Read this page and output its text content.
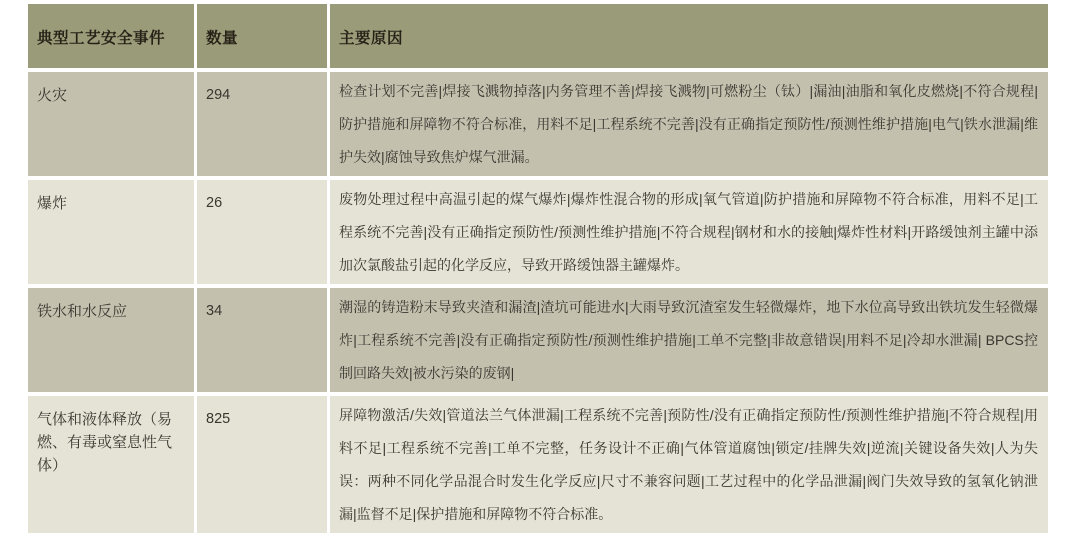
典型工艺安全事件	数量	主要原因
火灾	294	检查计划不完善|焊接飞溅物掉落|内务管理不善|焊接飞溅物|可燃粉尘（钛）|漏油|油脂和氧化皮燃烧|不符合规程|防护措施和屏障物不符合标准，用料不足|工程系统不完善|没有正确指定预防性/预测性维护措施|电气|铁水泄漏|维护失效|腐蚀导致焦炉煤气泄漏。
爆炸	26	废物处理过程中高温引起的煤气爆炸|爆炸性混合物的形成|氧气管道|防护措施和屏障物不符合标准，用料不足|工程系统不完善|没有正确指定预防性/预测性维护措施|不符合规程|钢材和水的接触|爆炸性材料|开路缓蚀剂主罐中添加次氯酸盐引起的化学反应，导致开路缓蚀器主罐爆炸。
铁水和水反应	34	潮湿的铸造粉末导致夹渣和漏渣|渣坑可能进水|大雨导致沉渣室发生轻微爆炸，地下水位高导致出铁坑发生轻微爆炸|工程系统不完善|没有正确指定预防性/预测性维护措施|工单不完整|非故意错误|用料不足|冷却水泄漏| BPCS控制回路失效|被水污染的废钢|
气体和液体释放（易燃、有毒或窒息性气体）	825	屏障物激活/失效|管道法兰气体泄漏|工程系统不完善|预防性/没有正确指定预防性/预测性维护措施|不符合规程|用料不足|工程系统不完善|工单不完整，任务设计不正确|气体管道腐蚀|锁定/挂牌失效|逆流|关键设备失效|人为失误：两种不同化学品混合时发生化学反应|尺寸不兼容问题|工艺过程中的化学品泄漏|阀门失效导致的氢氧化钠泄漏|监督不足|保护措施和屏障物不符合标准。
